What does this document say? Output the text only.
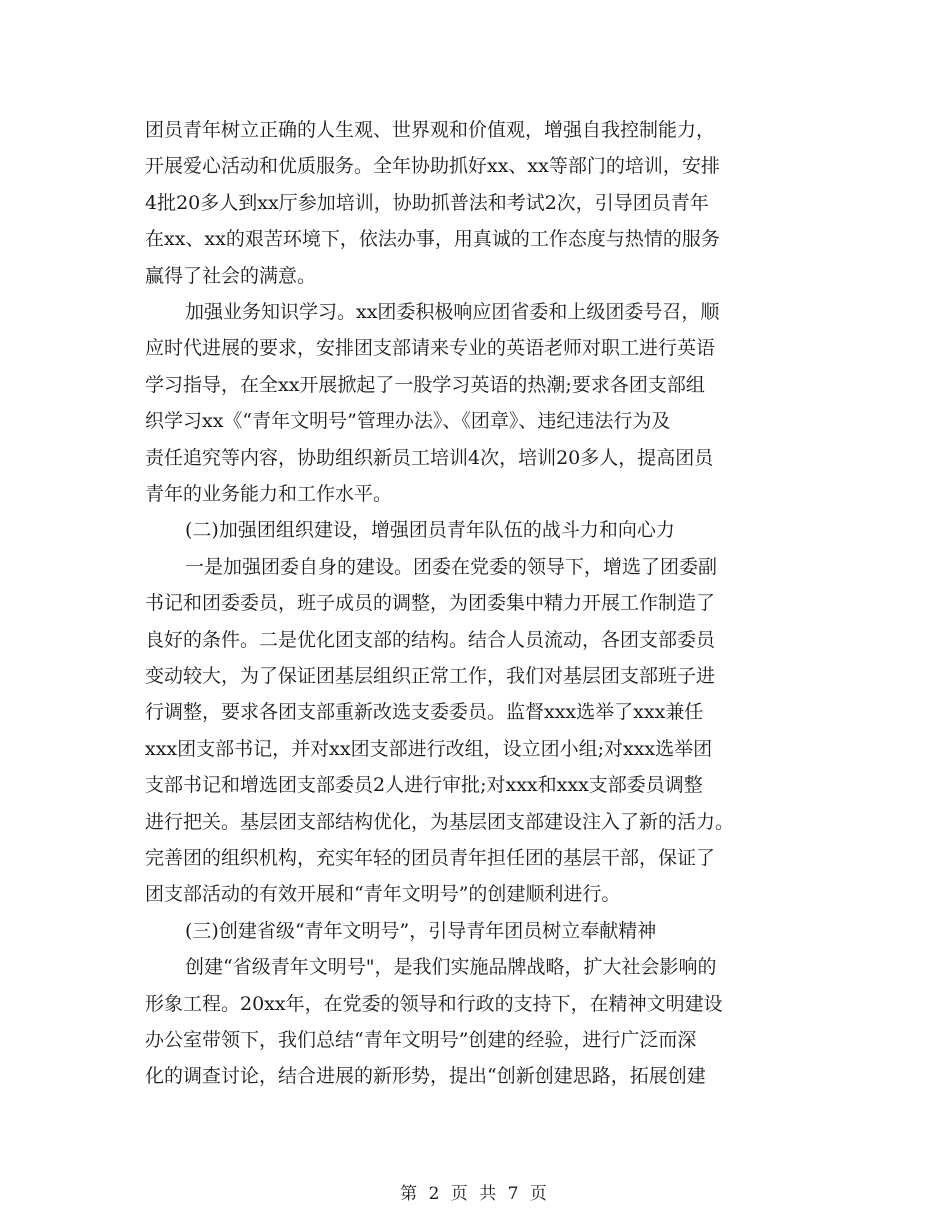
团员青年树立正确的人生观、世界观和价值观，增强自我控制能力，
开展爱心活动和优质服务。全年协助抓好xx、xx等部门的培训，安排
4批20多人到xx厅参加培训，协助抓普法和考试2次，引导团员青年
在xx、xx的艰苦环境下，依法办事，用真诚的工作态度与热情的服务
赢得了社会的满意。
加强业务知识学习。xx团委积极响应团省委和上级团委号召，顺
应时代进展的要求，安排团支部请来专业的英语老师对职工进行英语
学习指导，在全xx开展掀起了一股学习英语的热潮;要求各团支部组
织学习xx《“青年文明号”管理办法》、《团章》、违纪违法行为及
责任追究等内容，协助组织新员工培训4次，培训20多人，提高团员
青年的业务能力和工作水平。
(二)加强团组织建设，增强团员青年队伍的战斗力和向心力
一是加强团委自身的建设。团委在党委的领导下，增选了团委副
书记和团委委员，班子成员的调整，为团委集中精力开展工作制造了
良好的条件。二是优化团支部的结构。结合人员流动，各团支部委员
变动较大，为了保证团基层组织正常工作，我们对基层团支部班子进
行调整，要求各团支部重新改选支委委员。监督xxx选举了xxx兼任
xxx团支部书记，并对xx团支部进行改组，设立团小组;对xxx选举团
支部书记和增选团支部委员2人进行审批;对xxx和xxx支部委员调整
进行把关。基层团支部结构优化，为基层团支部建设注入了新的活力。
完善团的组织机构，充实年轻的团员青年担任团的基层干部，保证了
团支部活动的有效开展和“青年文明号”的创建顺利进行。
(三)创建省级“青年文明号”，引导青年团员树立奉献精神
创建“省级青年文明号"，是我们实施品牌战略，扩大社会影响的
形象工程。20xx年，在党委的领导和行政的支持下，在精神文明建设
办公室带领下，我们总结“青年文明号”创建的经验，进行广泛而深
化的调查讨论，结合进展的新形势，提出“创新创建思路，拓展创建
第 2 页 共 7 页
